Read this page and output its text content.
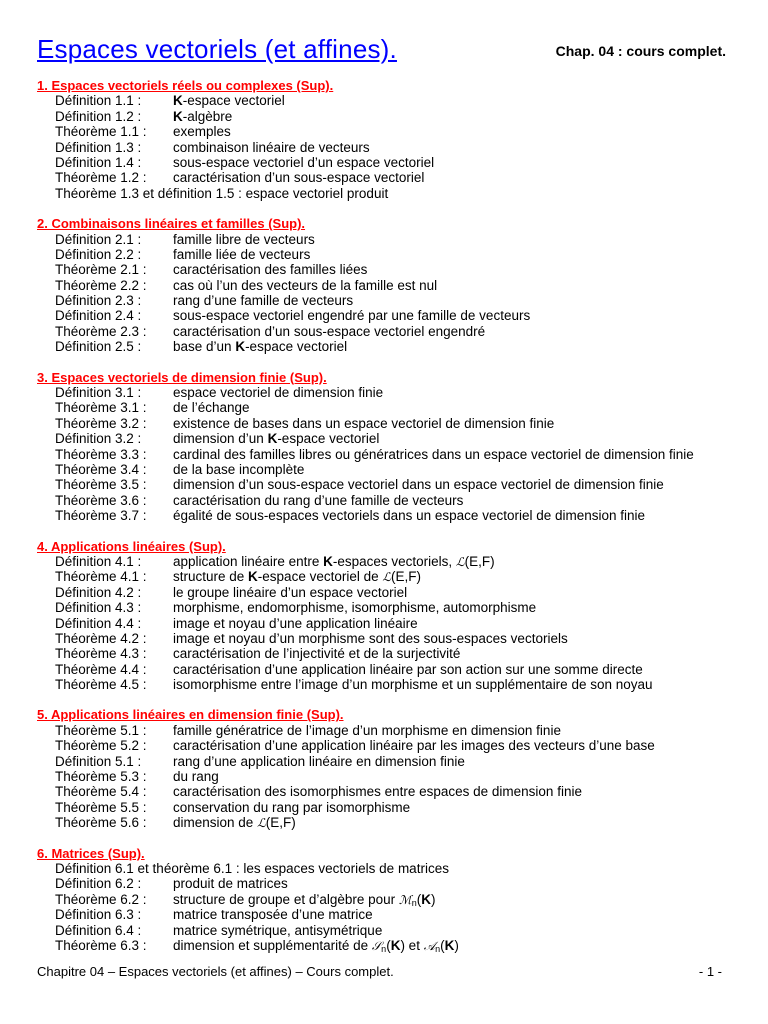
Espaces vectoriels (et affines).	Chap. 04 : cours complet.
1. Espaces vectoriels réels ou complexes (Sup).
Définition 1.1 :	K-espace vectoriel
Définition 1.2 :	K-algèbre
Théorème 1.1 :	exemples
Définition 1.3 :	combinaison linéaire de vecteurs
Définition 1.4 :	sous-espace vectoriel d’un espace vectoriel
Théorème 1.2 :	caractérisation d’un sous-espace vectoriel
Théorème 1.3 et définition 1.5 : espace vectoriel produit
2. Combinaisons linéaires et familles (Sup).
Définition 2.1 :	famille libre de vecteurs
Définition 2.2 :	famille liée de vecteurs
Théorème 2.1 :	caractérisation des familles liées
Théorème 2.2 :	cas où l’un des vecteurs de la famille est nul
Définition 2.3 :	rang d’une famille de vecteurs
Définition 2.4 :	sous-espace vectoriel engendré par une famille de vecteurs
Théorème 2.3 :	caractérisation d’un sous-espace vectoriel engendré
Définition 2.5 :	base d’un K-espace vectoriel
3. Espaces vectoriels de dimension finie (Sup).
Définition 3.1 :	espace vectoriel de dimension finie
Théorème 3.1 :	de l’échange
Théorème 3.2 :	existence de bases dans un espace vectoriel de dimension finie
Définition 3.2 :	dimension d’un K-espace vectoriel
Théorème 3.3 :	cardinal des familles libres ou génératrices dans un espace vectoriel de dimension finie
Théorème 3.4 :	de la base incomplète
Théorème 3.5 :	dimension d’un sous-espace vectoriel dans un espace vectoriel de dimension finie
Théorème 3.6 :	caractérisation du rang d’une famille de vecteurs
Théorème 3.7 :	égalité de sous-espaces vectoriels dans un espace vectoriel de dimension finie
4. Applications linéaires (Sup).
Définition 4.1 :	application linéaire entre K-espaces vectoriels, ℒ(E,F)
Théorème 4.1 :	structure de K-espace vectoriel de ℒ(E,F)
Définition 4.2 :	le groupe linéaire d’un espace vectoriel
Définition 4.3 :	morphisme, endomorphisme, isomorphisme, automorphisme
Définition 4.4 :	image et noyau d’une application linéaire
Théorème 4.2 :	image et noyau d’un morphisme sont des sous-espaces vectoriels
Théorème 4.3 :	caractérisation de l’injectivité et de la surjectivité
Théorème 4.4 :	caractérisation d’une application linéaire par son action sur une somme directe
Théorème 4.5 :	isomorphisme entre l’image d’un morphisme et un supplémentaire de son noyau
5. Applications linéaires en dimension finie (Sup).
Théorème 5.1 :	famille génératrice de l’image d’un morphisme en dimension finie
Théorème 5.2 :	caractérisation d’une application linéaire par les images des vecteurs d’une base
Définition 5.1 :	rang d’une application linéaire en dimension finie
Théorème 5.3 :	du rang
Théorème 5.4 :	caractérisation des isomorphismes entre espaces de dimension finie
Théorème 5.5 :	conservation du rang par isomorphisme
Théorème 5.6 :	dimension de ℒ(E,F)
6. Matrices (Sup).
Définition 6.1 et théorème 6.1 : les espaces vectoriels de matrices
Définition 6.2 :	produit de matrices
Théorème 6.2 :	structure de groupe et d’algèbre pour ℳ$_n$(K)
Définition 6.3 :	matrice transposée d’une matrice
Définition 6.4 :	matrice symétrique, antisymétrique
Théorème 6.3 :	dimension et supplémentarité de 𝒮$_n$(K) et 𝒜$_n$(K)
Chapitre 04 – Espaces vectoriels (et affines) – Cours complet.	- 1 -
